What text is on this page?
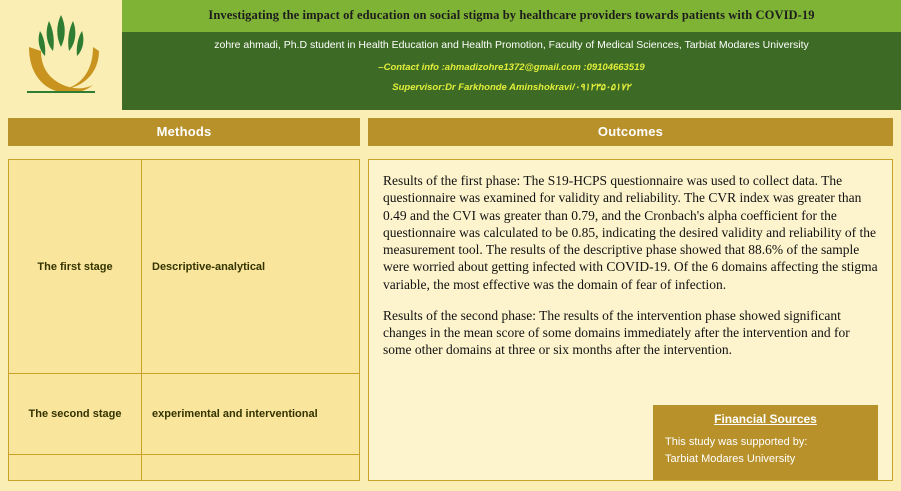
Investigating the impact of education on social stigma by healthcare providers towards patients with COVID-19
zohre ahmadi, Ph.D student in Health Education and Health Promotion, Faculty of Medical Sciences, Tarbiat Modares University
–Contact info :ahmadizohre1372@gmail.com :09104663519
Supervisor:Dr Farkhonde Aminshokravi/۰۹۱۲۳۵۰۵۱۷۲
Methods
The first stage	Descriptive-analytical
The second stage	experimental and interventional

Outcomes

Results of the first phase: The S19-HCPS questionnaire was used to collect data. The questionnaire was examined for validity and reliability. The CVR index was greater than 0.49 and the CVI was greater than 0.79, and the Cronbach's alpha coefficient for the questionnaire was calculated to be 0.85, indicating the desired validity and reliability of the measurement tool. The results of the descriptive phase showed that 88.6% of the sample were worried about getting infected with COVID-19. Of the 6 domains affecting the stigma variable, the most effective was the domain of fear of infection.

Results of the second phase: The results of the intervention phase showed significant changes in the mean score of some domains immediately after the intervention and for some other domains at three or six months after the intervention.

Financial Sources
This study was supported by:
Tarbiat Modares University
